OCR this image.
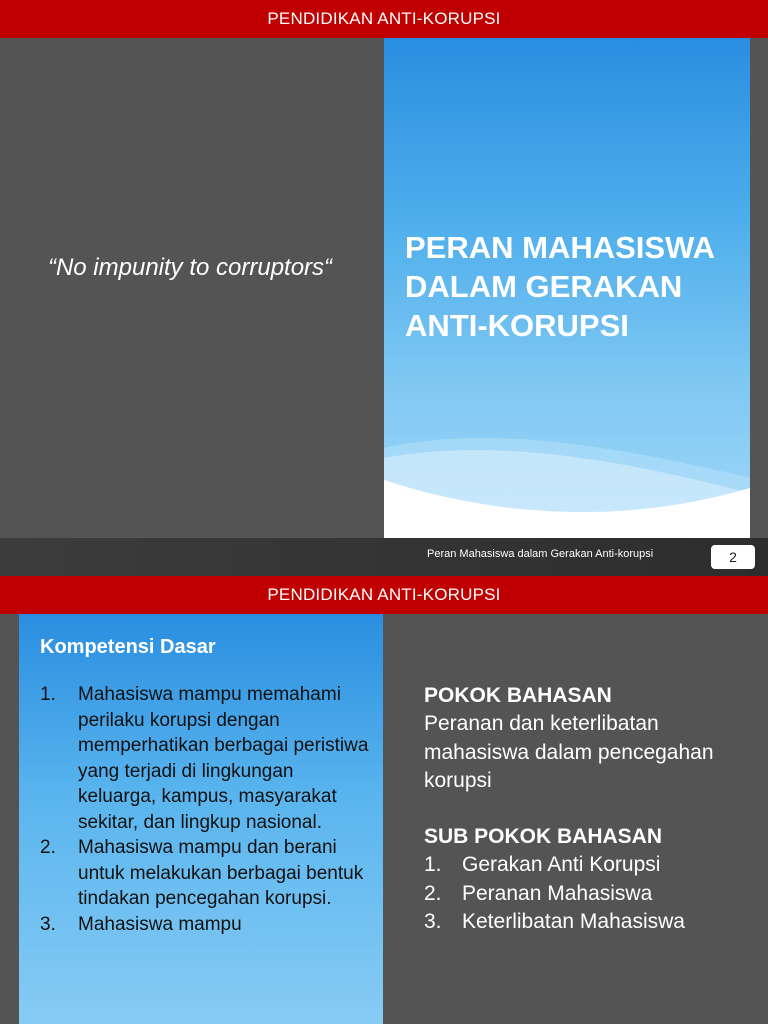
PENDIDIKAN ANTI-KORUPSI
“No impunity to corruptors“
PERAN MAHASISWA DALAM GERAKAN ANTI-KORUPSI
Peran Mahasiswa dalam Gerakan Anti-korupsi	2
PENDIDIKAN ANTI-KORUPSI
Kompetensi Dasar
1. Mahasiswa mampu memahami perilaku korupsi dengan memperhatikan berbagai peristiwa yang terjadi di lingkungan keluarga, kampus, masyarakat sekitar, dan lingkup nasional.
2. Mahasiswa mampu dan berani untuk melakukan berbagai bentuk tindakan pencegahan korupsi.
3. Mahasiswa mampu
POKOK BAHASAN
Peranan dan keterlibatan mahasiswa dalam pencegahan korupsi
SUB POKOK BAHASAN
1. Gerakan Anti Korupsi
2. Peranan Mahasiswa
3. Keterlibatan Mahasiswa
